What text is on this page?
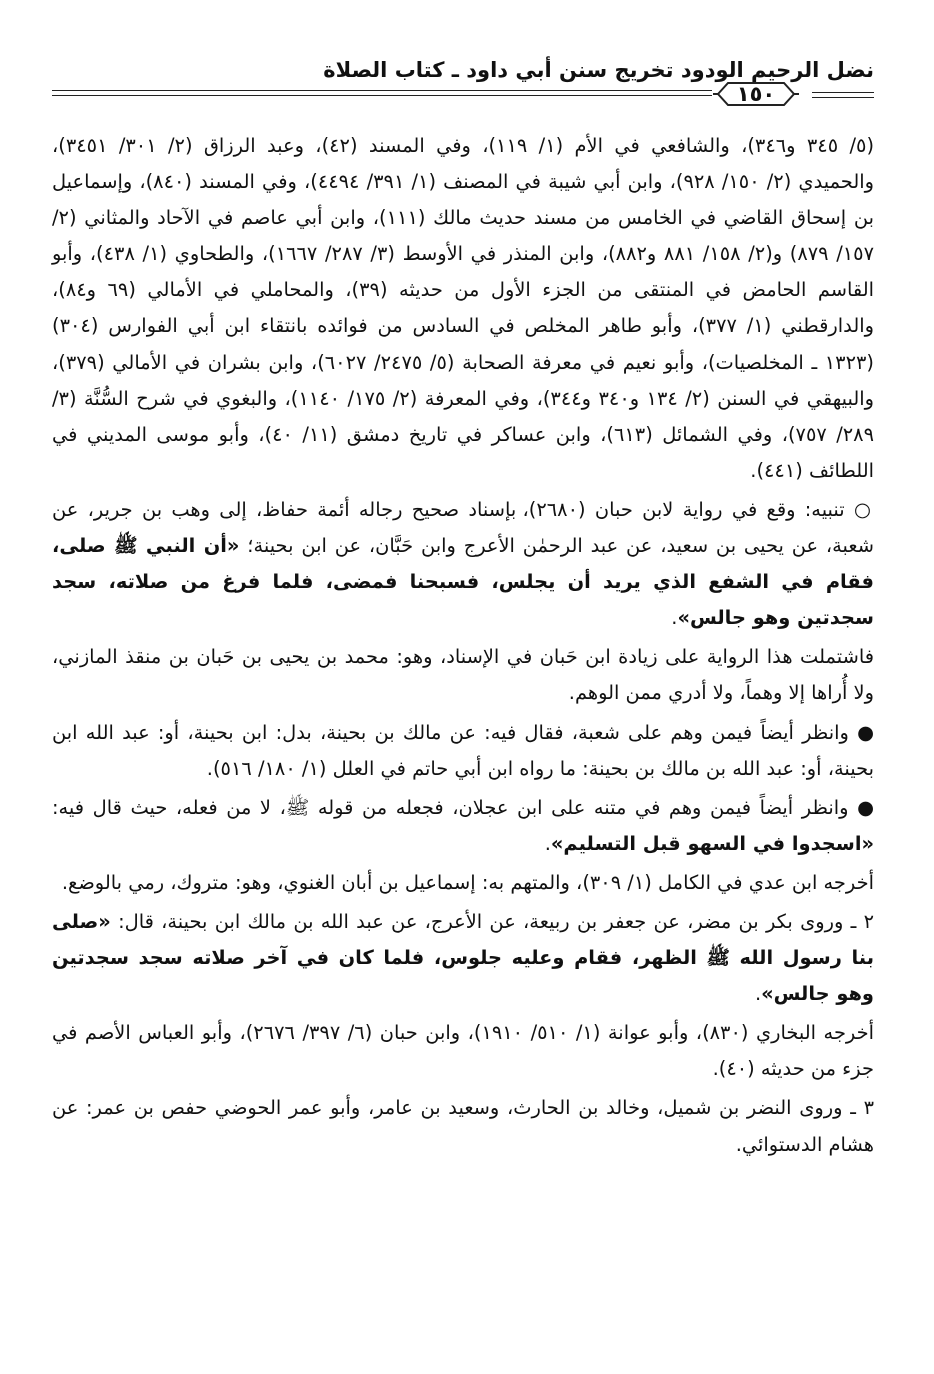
نضل الرحيم الودود تخريج سنن أبي داود ـ كتاب الصلاة
١٥٠

(٥/ ٣٤٥ و٣٤٦)، والشافعي في الأم (١/ ١١٩)، وفي المسند (٤٢)، وعبد الرزاق (٢/ ٣٠١/ ٣٤٥١)، والحميدي (٢/ ١٥٠/ ٩٢٨)، وابن أبي شيبة في المصنف (١/ ٣٩١/ ٤٤٩٤)، وفي المسند (٨٤٠)، وإسماعيل بن إسحاق القاضي في الخامس من مسند حديث مالك (١١١)، وابن أبي عاصم في الآحاد والمثاني (٢/ ١٥٧/ ٨٧٩) و(٢/ ١٥٨/ ٨٨١ و٨٨٢)، وابن المنذر في الأوسط (٣/ ٢٨٧/ ١٦٦٧)، والطحاوي (١/ ٤٣٨)، وأبو القاسم الحامض في المنتقى من الجزء الأول من حديثه (٣٩)، والمحاملي في الأمالي (٦٩ و٨٤)، والدارقطني (١/ ٣٧٧)، وأبو طاهر المخلص في السادس من فوائده بانتقاء ابن أبي الفوارس (٣٠٤) (١٣٢٣ ـ المخلصيات)، وأبو نعيم في معرفة الصحابة (٥/ ٢٤٧٥/ ٦٠٢٧)، وابن بشران في الأمالي (٣٧٩)، والبيهقي في السنن (٢/ ١٣٤ و٣٤٠ و٣٤٤)، وفي المعرفة (٢/ ١٧٥/ ١١٤٠)، والبغوي في شرح السُّنَّة (٣/ ٢٨٩/ ٧٥٧)، وفي الشمائل (٦١٣)، وابن عساكر في تاريخ دمشق (١١/ ٤٠)، وأبو موسى المديني في اللطائف (٤٤١).

○ تنبيه: وقع في رواية لابن حبان (٢٦٨٠)، بإسناد صحيح رجاله أئمة حفاظ، إلى وهب بن جرير، عن شعبة، عن يحيى بن سعيد، عن عبد الرحمٰن الأعرج وابن حَبَّان، عن ابن بحينة؛ «أن النبي ﷺ صلى، فقام في الشفع الذي يريد أن يجلس، فسبحنا فمضى، فلما فرغ من صلاته، سجد سجدتين وهو جالس».

فاشتملت هذا الرواية على زيادة ابن حَبان في الإسناد، وهو: محمد بن يحيى بن حَبان بن منقذ المازني، ولا أُراها إلا وهماً، ولا أدري ممن الوهم.

● وانظر أيضاً فيمن وهم على شعبة، فقال فيه: عن مالك بن بحينة، بدل: ابن بحينة، أو: عبد الله ابن بحينة، أو: عبد الله بن مالك بن بحينة: ما رواه ابن أبي حاتم في العلل (١/ ١٨٠/ ٥١٦).

● وانظر أيضاً فيمن وهم في متنه على ابن عجلان، فجعله من قوله ﷺ، لا من فعله، حيث قال فيه: «اسجدوا في السهو قبل التسليم».

أخرجه ابن عدي في الكامل (١/ ٣٠٩)، والمتهم به: إسماعيل بن أبان الغنوي، وهو: متروك، رمي بالوضع.

٢ ـ وروى بكر بن مضر، عن جعفر بن ربيعة، عن الأعرج، عن عبد الله بن مالك ابن بحينة، قال: «صلى بنا رسول الله ﷺ الظهر، فقام وعليه جلوس، فلما كان في آخر صلاته سجد سجدتين وهو جالس».

أخرجه البخاري (٨٣٠)، وأبو عوانة (١/ ٥١٠/ ١٩١٠)، وابن حبان (٦/ ٣٩٧/ ٢٦٧٦)، وأبو العباس الأصم في جزء من حديثه (٤٠).

٣ ـ وروى النضر بن شميل، وخالد بن الحارث، وسعيد بن عامر، وأبو عمر الحوضي حفص بن عمر: عن هشام الدستوائي.
